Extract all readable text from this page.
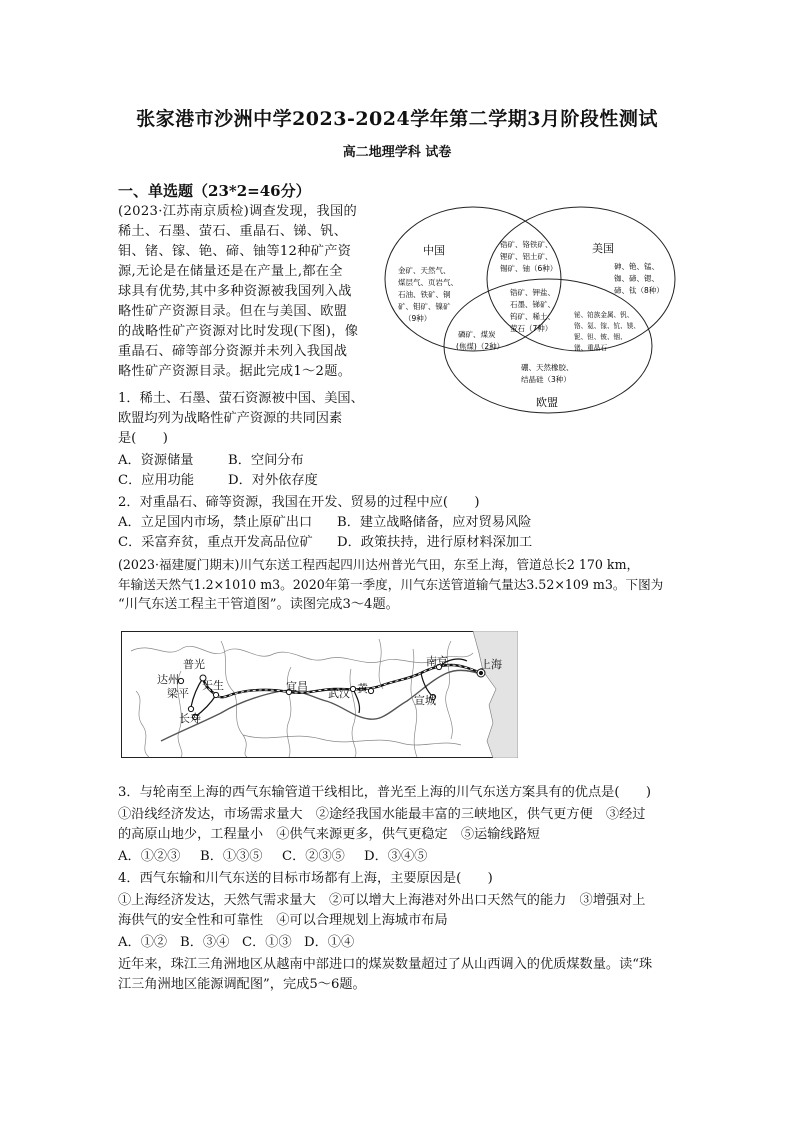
张家港市沙洲中学2023-2024学年第二学期3月阶段性测试
高二地理学科 试卷
一、单选题（23*2=46分）
(2023·江苏南京质检)调查发现，我国的
稀土、石墨、萤石、重晶石、锑、钒、
钼、锗、镓、铯、碲、铀等12种矿产资
源,无论是在储量还是在产量上,都在全
球具有优势,其中多种资源被我国列入战
略性矿产资源目录。但在与美国、欧盟
的战略性矿产资源对比时发现(下图)，像
重晶石、碲等部分资源并未列入我国战
略性矿产资源目录。据此完成1～2题。
1．稀土、石墨、萤石资源被中国、美国、
欧盟均列为战略性矿产资源的共同因素
是(　　)
A．资源储量	B．空间分布
C．应用功能	D．对外依存度
2．对重晶石、碲等资源，我国在开发、贸易的过程中应(　　)
A．立足国内市场，禁止原矿出口 B．建立战略储备，应对贸易风险
C．采富弃贫，重点开发高品位矿 D．政策扶持，进行原材料深加工
(2023·福建厦门期末)川气东送工程西起四川达州普光气田，东至上海，管道总长2 170 km，
年输送天然气1.2×1010 m3。2020年第一季度，川气东送管道输气量达3.52×109 m3。下图为
“川气东送工程主干管道图”。读图完成3～4题。
中国	美国
欧盟
金矿、天然气、
煤层气、页岩气、
石油、铁矿、铜
矿、钼矿、镍矿
（9种）
锆矿、铬铁矿、
锂矿、铝土矿、
锡矿、铀（6种）	砷、铯、锰、
铷、碲、锶、
碲、钛（8种）
锆矿、钾盐、
石墨、锑矿、
钨矿、稀土、
萤石（7种）
铋、铂族金属、钒、
铬、氦、镓、钪、镁、
铌、钽、铍、铟、
锗、重晶石
磷矿、煤炭
(焦煤)（2种）
硼、天然橡胶、
结晶硅（3种）
普光
达州 天生
梁平
长寿
宜昌
武汉 黄
南京	上海
宣城
3．与轮南至上海的西气东输管道干线相比，普光至上海的川气东送方案具有的优点是(　　)
①沿线经济发达，市场需求量大　②途经我国水能最丰富的三峡地区，供气更方便　③经过
的高原山地少，工程量小　④供气来源更多，供气更稳定　⑤运输线路短
A．①②③ B．①③⑤ C．②③⑤ D．③④⑤
4．西气东输和川气东送的目标市场都有上海，主要原因是(　　)
①上海经济发达，天然气需求量大　②可以增大上海港对外出口天然气的能力　③增强对上
海供气的安全性和可靠性　④可以合理规划上海城市布局
A．①② B．③④ C．①③ D．①④
近年来，珠江三角洲地区从越南中部进口的煤炭数量超过了从山西调入的优质煤数量。读“珠
江三角洲地区能源调配图”，完成5～6题。
